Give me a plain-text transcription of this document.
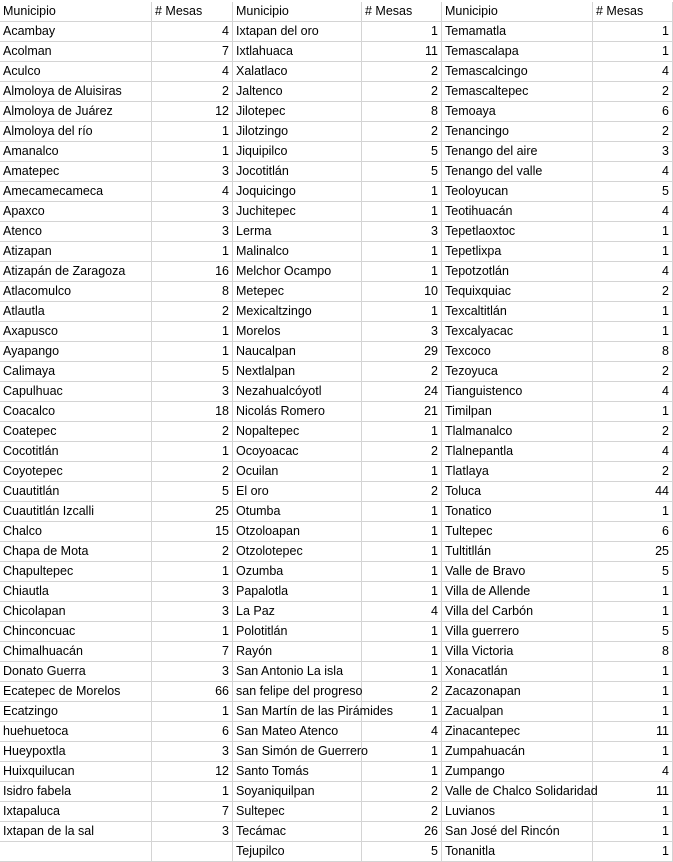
Municipio	# Mesas
Acambay	4
Acolman	7
Aculco	4
Almoloya de Aluisiras	2
Almoloya de Juárez	12
Almoloya del río	1
Amanalco	1
Amatepec	3
Amecamecameca	4
Apaxco	3
Atenco	3
Atizapan	1
Atizapán de Zaragoza	16
Atlacomulco	8
Atlautla	2
Axapusco	1
Ayapango	1
Calimaya	5
Capulhuac	3
Coacalco	18
Coatepec	2
Cocotitlán	1
Coyotepec	2
Cuautitlán	5
Cuautitlán Izcalli	25
Chalco	15
Chapa de Mota	2
Chapultepec	1
Chiautla	3
Chicolapan	3
Chinconcuac	1
Chimalhuacán	7
Donato Guerra	3
Ecatepec de Morelos	66
Ecatzingo	1
huehuetoca	6
Hueypoxtla	3
Huixquilucan	12
Isidro fabela	1
Ixtapaluca	7
Ixtapan de la sal	3
Municipio	# Mesas
Ixtapan del oro	1
Ixtlahuaca	11
Xalatlaco	2
Jaltenco	2
Jilotepec	8
Jilotzingo	2
Jiquipilco	5
Jocotitlán	5
Joquicingo	1
Juchitepec	1
Lerma	3
Malinalco	1
Melchor Ocampo	1
Metepec	10
Mexicaltzingo	1
Morelos	3
Naucalpan	29
Nextlalpan	2
Nezahualcóyotl	24
Nicolás Romero	21
Nopaltepec	1
Ocoyoacac	2
Ocuilan	1
El oro	2
Otumba	1
Otzoloapan	1
Otzolotepec	1
Ozumba	1
Papalotla	1
La Paz	4
Polotitlán	1
Rayón	1
San Antonio La isla	1
san felipe del progreso	2
San Martín de las Pirámides	1
San Mateo Atenco	4
San Simón de Guerrero	1
Santo Tomás	1
Soyaniquilpan	2
Sultepec	2
Tecámac	26
Tejupilco	5
Municipio	# Mesas
Temamatla	1
Temascalapa	1
Temascalcingo	4
Temascaltepec	2
Temoaya	6
Tenancingo	2
Tenango del aire	3
Tenango del valle	4
Teoloyucan	5
Teotihuacán	4
Tepetlaoxtoc	1
Tepetlixpa	1
Tepotzotlán	4
Tequixquiac	2
Texcaltitlán	1
Texcalyacac	1
Texcoco	8
Tezoyuca	2
Tianguistenco	4
Timilpan	1
Tlalmanalco	2
Tlalnepantla	4
Tlatlaya	2
Toluca	44
Tonatico	1
Tultepec	6
Tultitllán	25
Valle de Bravo	5
Villa de Allende	1
Villa del Carbón	1
Villa guerrero	5
Villa Victoria	8
Xonacatlán	1
Zacazonapan	1
Zacualpan	1
Zinacantepec	11
Zumpahuacán	1
Zumpango	4
Valle de Chalco Solidaridad	11
Luvianos	1
San José del Rincón	1
Tonanitla	1
